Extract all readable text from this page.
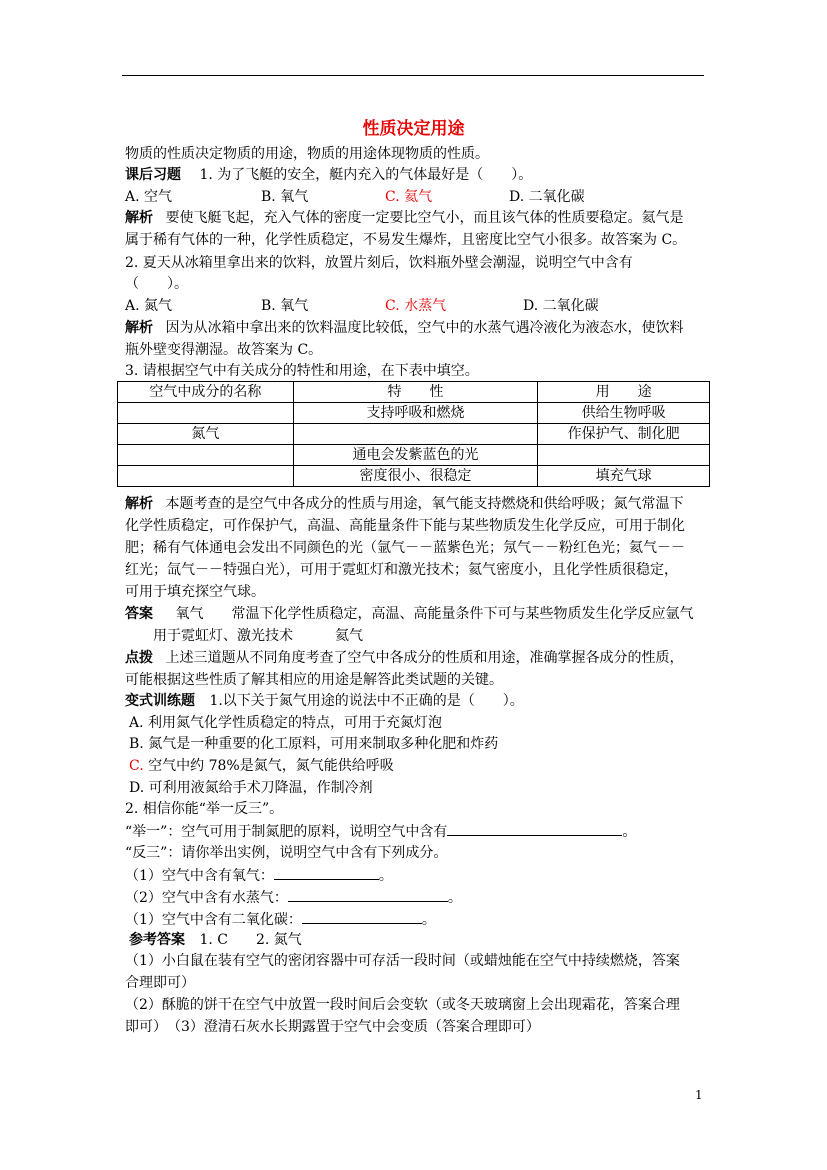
性质决定用途
物质的性质决定物质的用途，物质的用途体现物质的性质。
课后习题 1. 为了飞艇的安全，艇内充入的气体最好是（　　）。
A. 空气	B. 氧气	C. 氦气	D. 二氧化碳
解析 要使飞艇飞起，充入气体的密度一定要比空气小，而且该气体的性质要稳定。氦气是
属于稀有气体的一种，化学性质稳定，不易发生爆炸，且密度比空气小很多。故答案为 C。
2. 夏天从冰箱里拿出来的饮料，放置片刻后，饮料瓶外壁会潮湿，说明空气中含有
（　　）。
A. 氮气	B. 氧气	C. 水蒸气	D. 二氧化碳
解析 因为从冰箱中拿出来的饮料温度比较低，空气中的水蒸气遇冷液化为液态水，使饮料
瓶外壁变得潮湿。故答案为 C。
3. 请根据空气中有关成分的特性和用途，在下表中填空。
空气中成分的名称	特　　性	用　　途
	支持呼吸和燃烧	供给生物呼吸
氮气		作保护气、制化肥
	通电会发紫蓝色的光	
	密度很小、很稳定	填充气球
解析 本题考查的是空气中各成分的性质与用途，氧气能支持燃烧和供给呼吸；氮气常温下
化学性质稳定，可作保护气，高温、高能量条件下能与某些物质发生化学反应，可用于制化
肥；稀有气体通电会发出不同颜色的光（氩气－－蓝紫色光；氖气－－粉红色光；氦气－－
红光；氙气－－特强白光），可用于霓虹灯和激光技术；氦气密度小，且化学性质很稳定，
可用于填充探空气球。
答案 氧气　　常温下化学性质稳定，高温、高能量条件下可与某些物质发生化学反应氩气
用于霓虹灯、激光技术　　　氦气
点拨 上述三道题从不同角度考查了空气中各成分的性质和用途，准确掌握各成分的性质，
可能根据这些性质了解其相应的用途是解答此类试题的关键。
变式训练题 1.以下关于氮气用途的说法中不正确的是（　　）。
A. 利用氮气化学性质稳定的特点，可用于充氮灯泡
B. 氮气是一种重要的化工原料，可用来制取多种化肥和炸药
C. 空气中约 78%是氮气，氮气能供给呼吸
D. 可利用液氮给手术刀降温，作制冷剂
2. 相信你能“举一反三”。
“举一”：空气可用于制氮肥的原料，说明空气中含有	。
“反三”：请你举出实例，说明空气中含有下列成分。
（1）空气中含有氧气：	。
（2）空气中含有水蒸气：	。
（1）空气中含有二氧化碳：	。
参考答案 1. C　　2. 氮气
（1）小白鼠在装有空气的密闭容器中可存活一段时间（或蜡烛能在空气中持续燃烧，答案
合理即可）
（2）酥脆的饼干在空气中放置一段时间后会变软（或冬天玻璃窗上会出现霜花，答案合理
即可）　（3）澄清石灰水长期露置于空气中会变质（答案合理即可）
1
